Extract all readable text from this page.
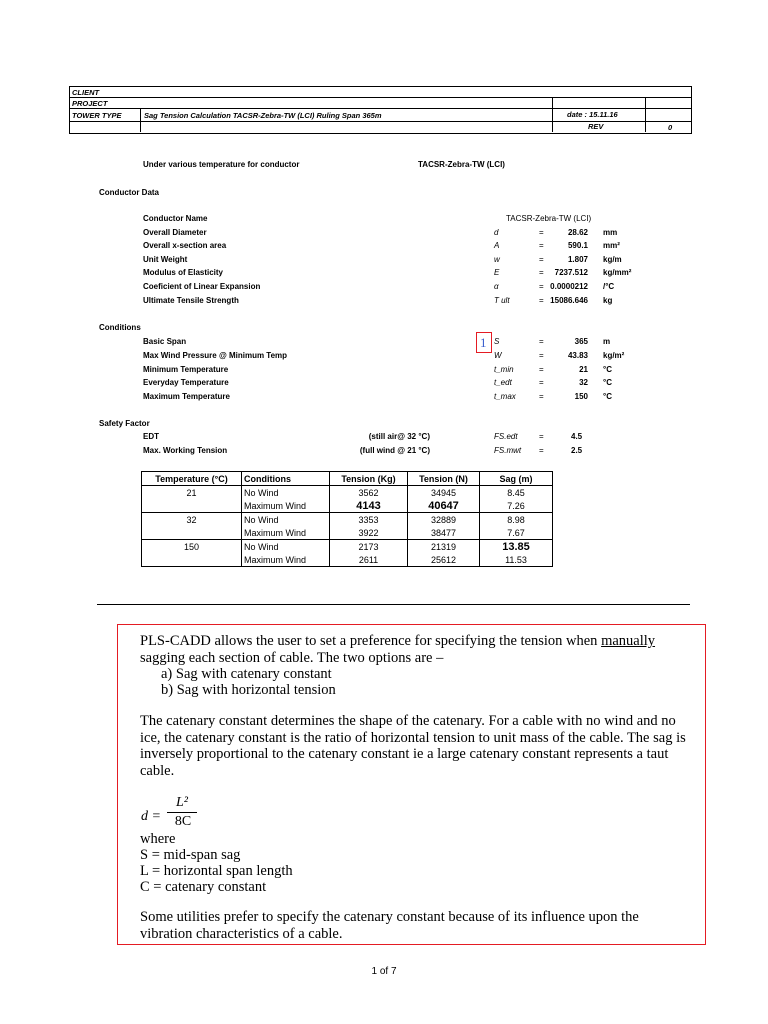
CLIENT
PROJECT
TOWER TYPE	Sag Tension Calculation TACSR-Zebra-TW (LCI) Ruling Span 365m	date : 15.11.16
REV	0
Under various temperature for conductor	TACSR-Zebra-TW (LCI)
Conductor Data
Conductor Name	TACSR-Zebra-TW (LCI)
Overall Diameter	d	=	28.62 mm
Overall x-section area	A	=	590.1 mm²
Unit Weight	w	=	1.807 kg/m
Modulus of Elasticity	E	= 7237.512 kg/mm²
Coeficient of Linear Expansion	α	= 0.0000212 /°C
Ultimate Tensile Strength	T ult	= 15086.646 kg
Conditions
1
Basic Span	S	=	365 m
Max Wind Pressure @ Minimum Temp	W	=	43.83 kg/m²
Minimum Temperature	t_min	=	21 °C
Everyday Temperature	t_edt	=	32 °C
Maximum Temperature	t_max	=	150 °C
Safety Factor
EDT	(still air@ 32 °C)	FS.edt	=	4.5
Max. Working Tension	(full wind @ 21 °C)	FS.mwt =	2.5
Temperature (°C)	Conditions	Tension (Kg)	Tension (N)	Sag (m)
21	No Wind	3562	34945	8.45
	Maximum Wind	4143	40647	7.26
32	No Wind	3353	32889	8.98
	Maximum Wind	3922	38477	7.67
150	No Wind	2173	21319	13.85
	Maximum Wind	2611	25612	11.53

PLS-CADD allows the user to set a preference for specifying the tension when manually
sagging each section of cable. The two options are –

a) Sag with catenary constant

b) Sag with horizontal tension

The catenary constant determines the shape of the catenary. For a cable with no wind and no ice, the catenary constant is the ratio of horizontal tension to unit mass of the cable. The sag is inversely proportional to the catenary constant ie a large catenary constant represents a taut cable.

d =
L²
8C

where

S = mid-span sag

L = horizontal span length

C = catenary constant

Some utilities prefer to specify the catenary constant because of its influence upon the vibration characteristics of a cable.

1 of 7
